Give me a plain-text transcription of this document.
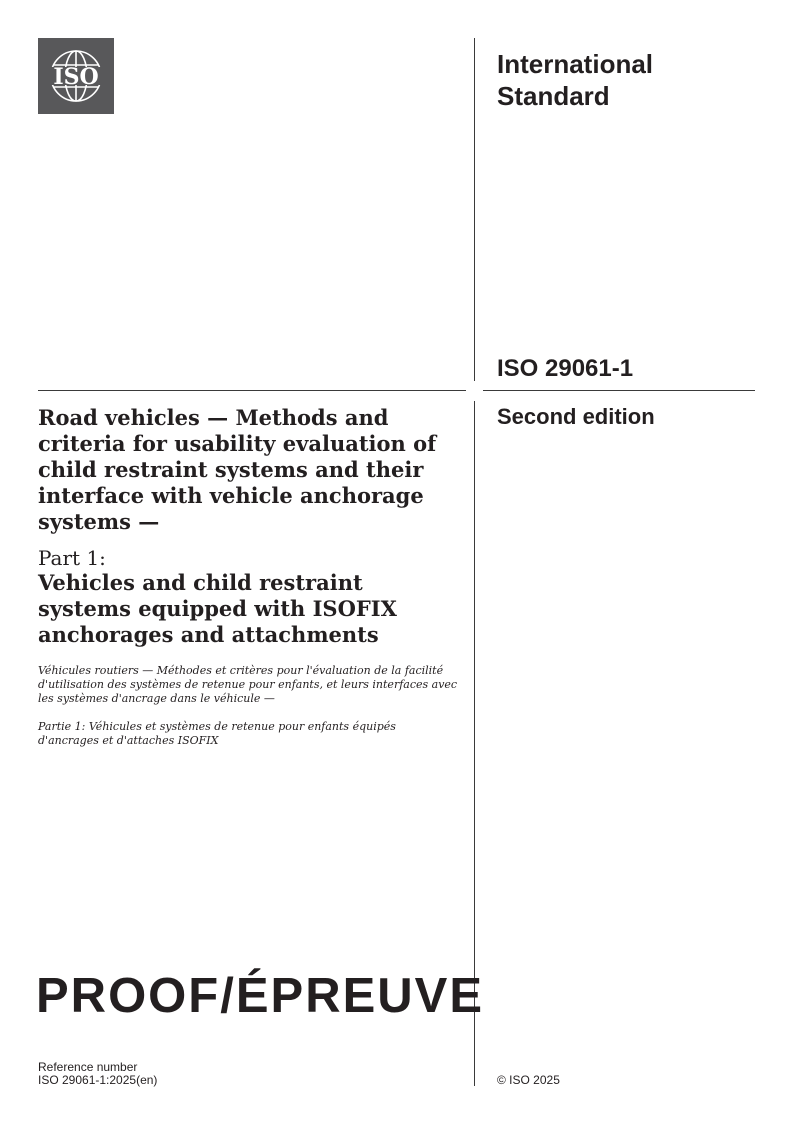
ISO	International
Standard
ISO 29061-1
Second edition
Road vehicles — Methods and criteria for usability evaluation of child restraint systems and their interface with vehicle anchorage systems —
Part 1:
Vehicles and child restraint systems equipped with ISOFIX anchorages and attachments
Véhicules routiers — Méthodes et critères pour l'évaluation de la facilité d'utilisation des systèmes de retenue pour enfants, et leurs interfaces avec les systèmes d'ancrage dans le véhicule —
Partie 1: Véhicules et systèmes de retenue pour enfants équipés d'ancrages et d'attaches ISOFIX
PROOF/ÉPREUVE
Reference number
ISO 29061-1:2025(en)	© ISO 2025
